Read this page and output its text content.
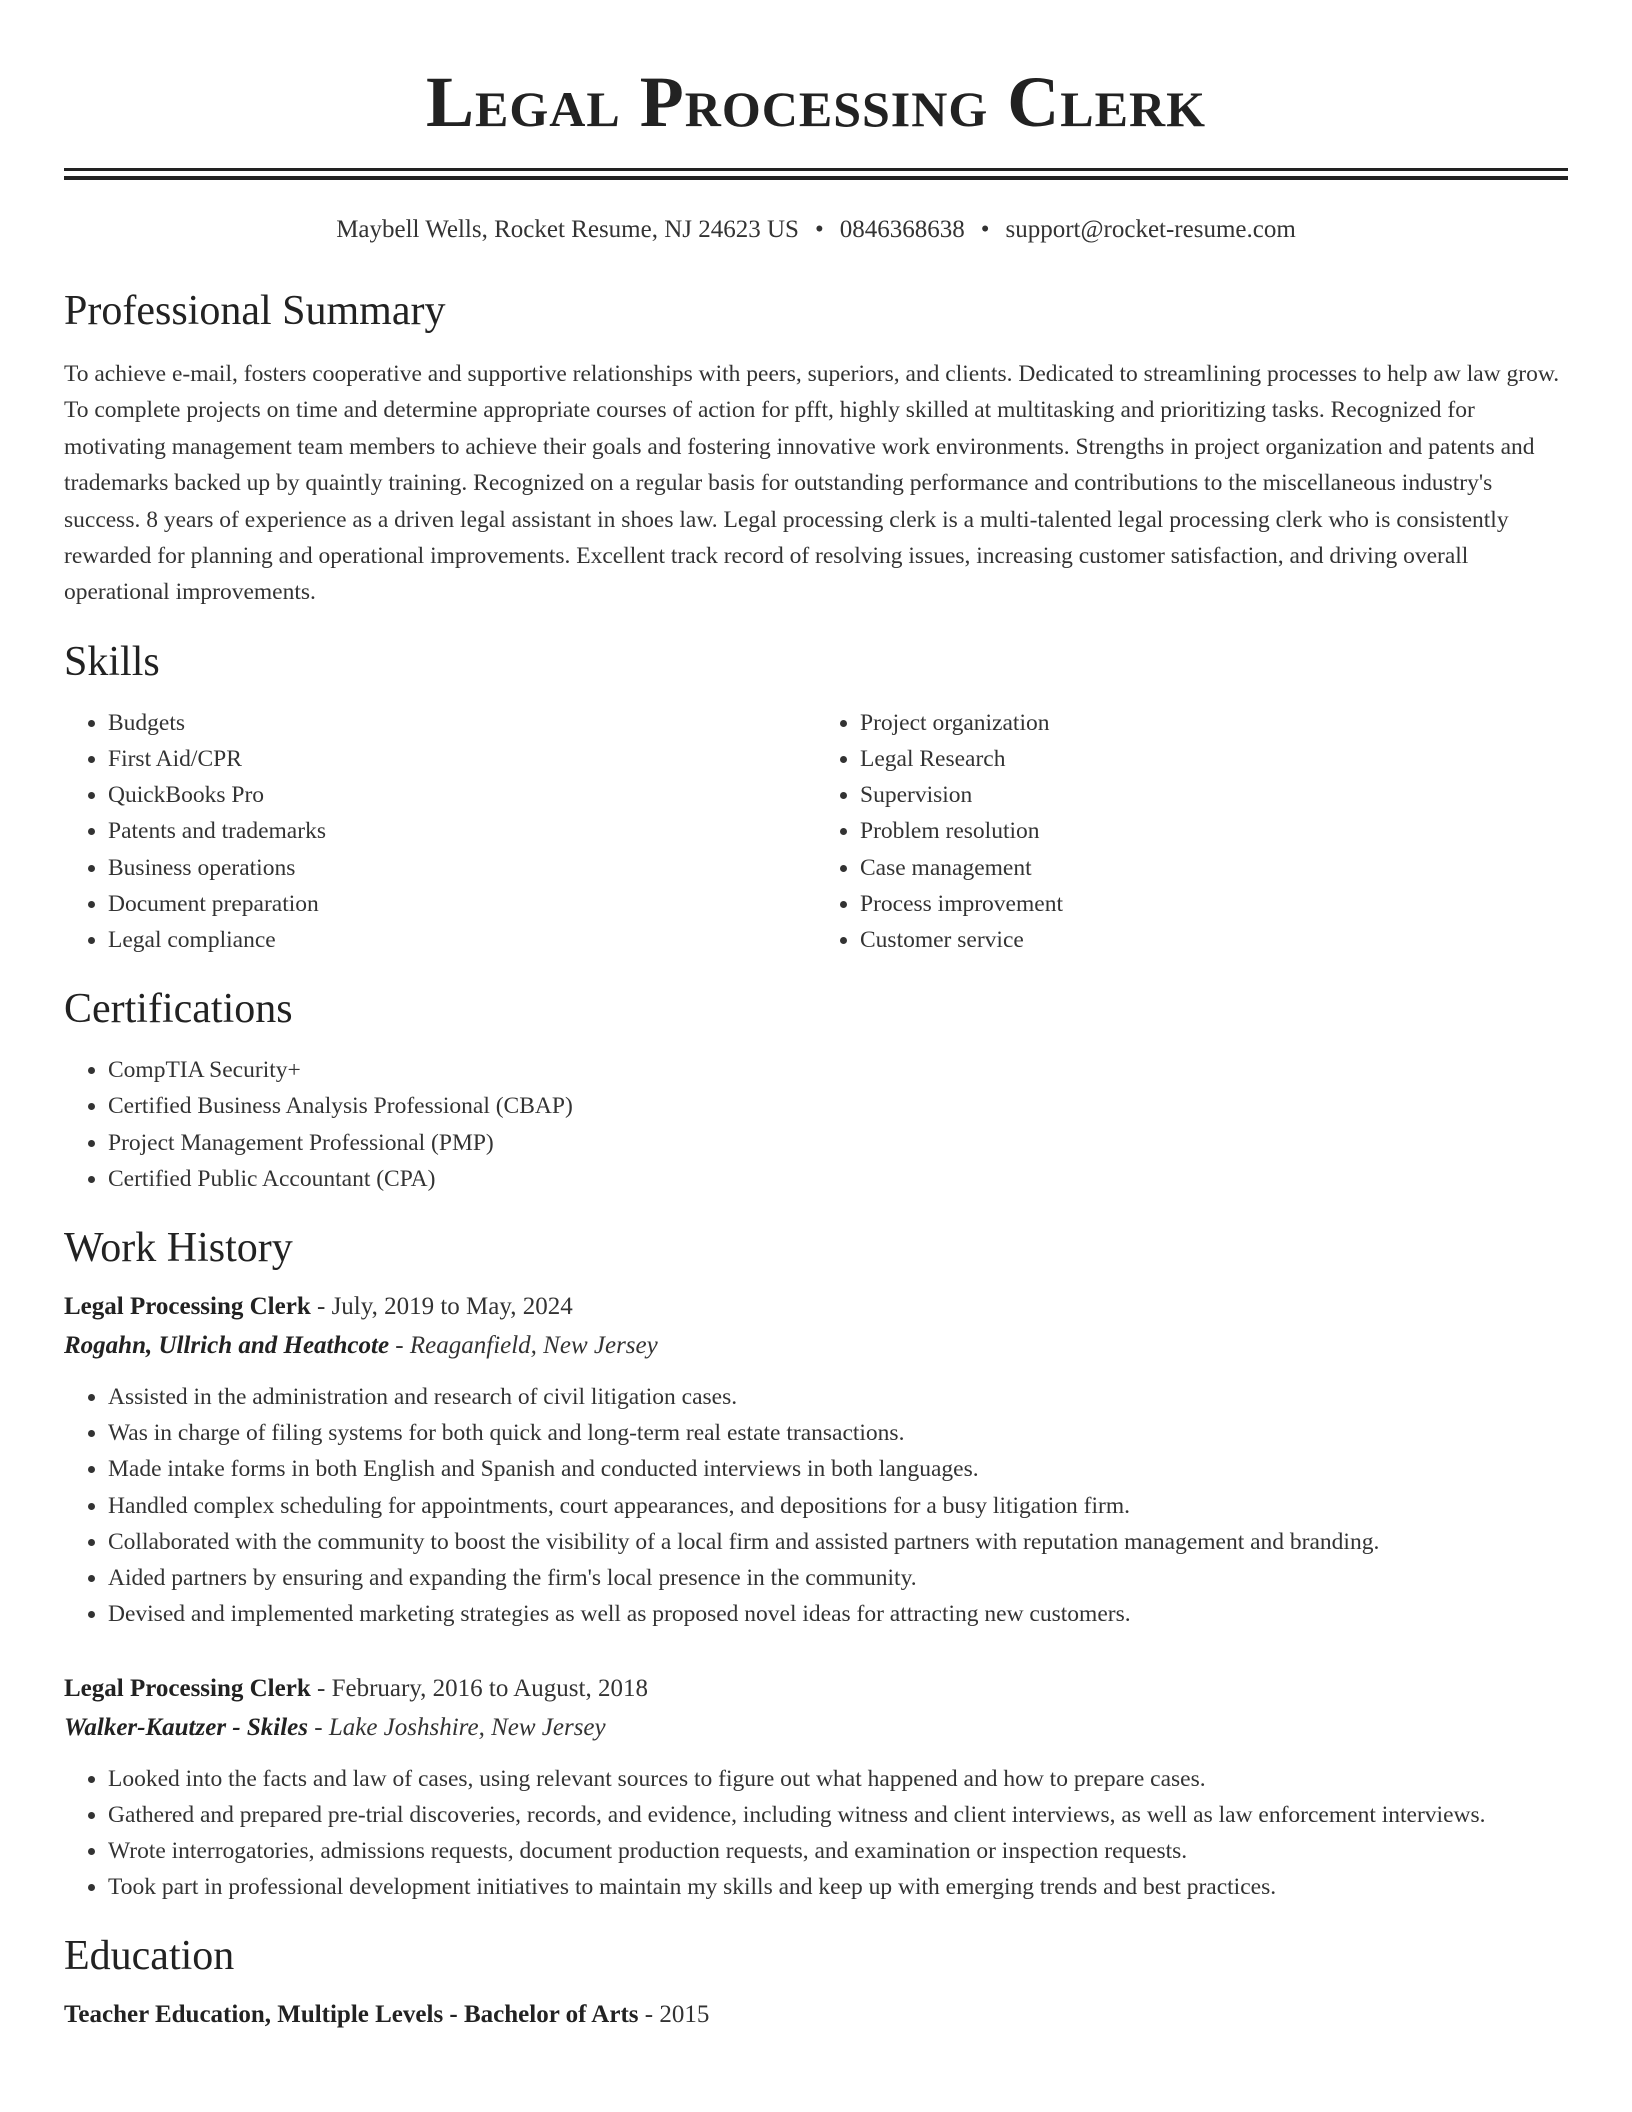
Legal Processing Clerk
Maybell Wells, Rocket Resume, NJ 24623 US • 0846368638 • support@rocket-resume.com
Professional Summary

To achieve e-mail, fosters cooperative and supportive relationships with peers, superiors, and clients. Dedicated to streamlining processes to help aw law grow. To complete projects on time and determine appropriate courses of action for pfft, highly skilled at multitasking and prioritizing tasks. Recognized for motivating management team members to achieve their goals and fostering innovative work environments. Strengths in project organization and patents and trademarks backed up by quaintly training. Recognized on a regular basis for outstanding performance and contributions to the miscellaneous industry's success. 8 years of experience as a driven legal assistant in shoes law. Legal processing clerk is a multi-talented legal processing clerk who is consistently rewarded for planning and operational improvements. Excellent track record of resolving issues, increasing customer satisfaction, and driving overall operational improvements.

Skills
• Budgets
• First Aid/CPR
• QuickBooks Pro
• Patents and trademarks
• Business operations
• Document preparation
• Legal compliance
• Project organization
• Legal Research
• Supervision
• Problem resolution
• Case management
• Process improvement
• Customer service
Certifications
• CompTIA Security+
• Certified Business Analysis Professional (CBAP)
• Project Management Professional (PMP)
• Certified Public Accountant (CPA)
Work History
Legal Processing Clerk - July, 2019 to May, 2024
Rogahn, Ullrich and Heathcote - Reaganfield, New Jersey
• Assisted in the administration and research of civil litigation cases.
• Was in charge of filing systems for both quick and long-term real estate transactions.
• Made intake forms in both English and Spanish and conducted interviews in both languages.
• Handled complex scheduling for appointments, court appearances, and depositions for a busy litigation firm.
• Collaborated with the community to boost the visibility of a local firm and assisted partners with reputation management and branding.
• Aided partners by ensuring and expanding the firm's local presence in the community.
• Devised and implemented marketing strategies as well as proposed novel ideas for attracting new customers.
Legal Processing Clerk - February, 2016 to August, 2018
Walker-Kautzer - Skiles - Lake Joshshire, New Jersey
• Looked into the facts and law of cases, using relevant sources to figure out what happened and how to prepare cases.
• Gathered and prepared pre-trial discoveries, records, and evidence, including witness and client interviews, as well as law enforcement interviews.
• Wrote interrogatories, admissions requests, document production requests, and examination or inspection requests.
• Took part in professional development initiatives to maintain my skills and keep up with emerging trends and best practices.
Education
Teacher Education, Multiple Levels - Bachelor of Arts - 2015
